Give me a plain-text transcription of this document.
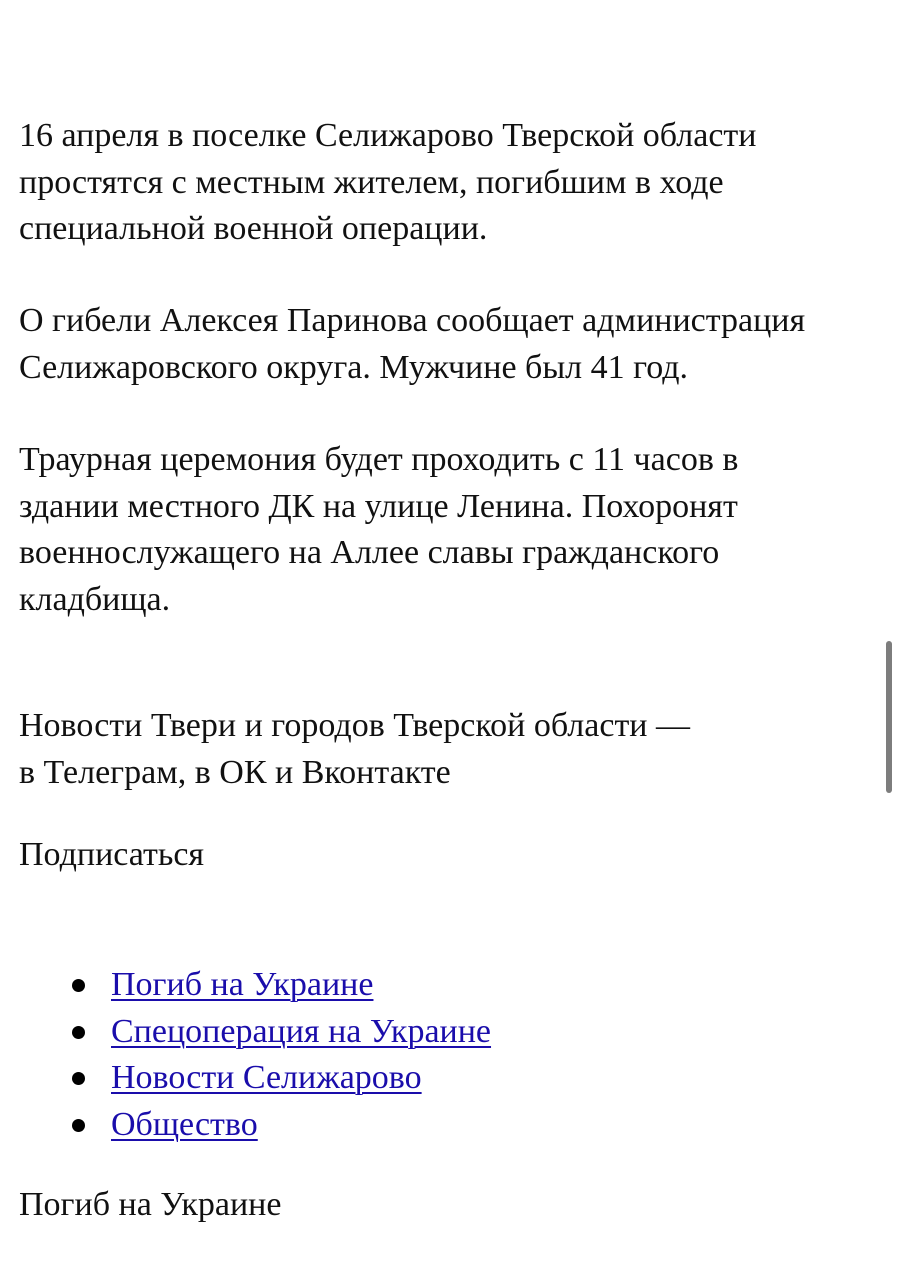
16 апреля в поселке Селижарово Тверской области
простятся с местным жителем, погибшим в ходе
специальной военной операции.

О гибели Алексея Паринова сообщает администрация
Селижаровского округа. Мужчине был 41 год.

Траурная церемония будет проходить с 11 часов в
здании местного ДК на улице Ленина. Похоронят
военнослужащего на Аллее славы гражданского
кладбища.

Новости Твери и городов Тверской области —
в Телеграм, в ОК и Вконтакте

Подписаться

Погиб на Украине
Спецоперация на Украине
Новости Селижарово
Общество

Погиб на Украине
